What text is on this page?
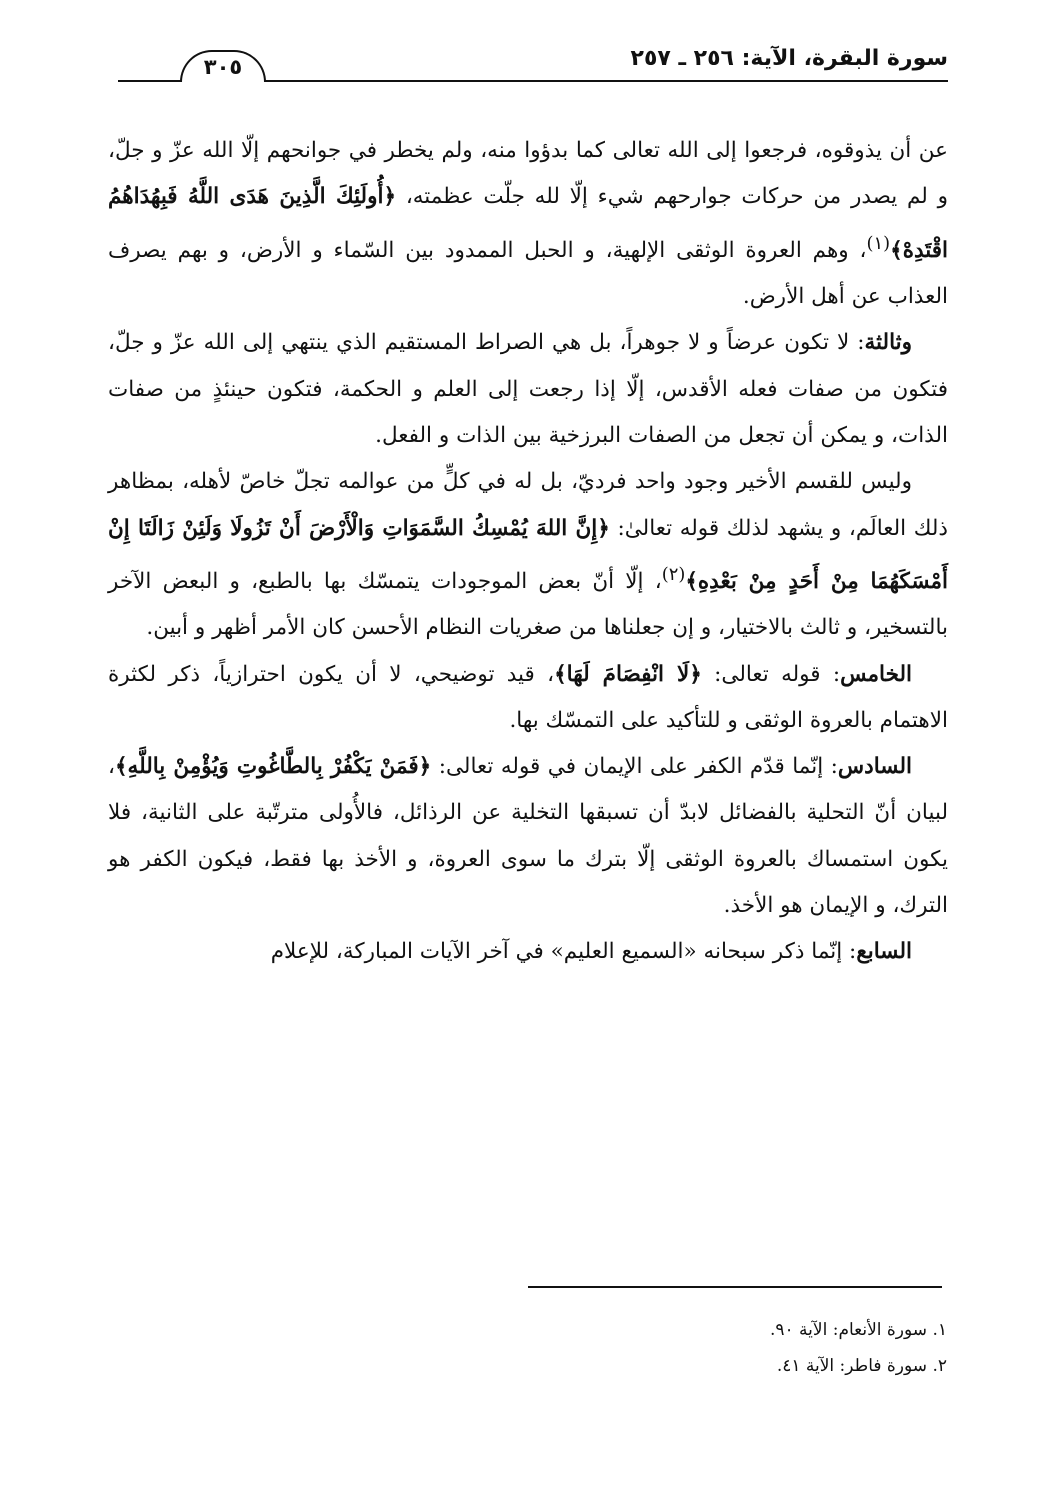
سورة البقرة، الآية: ٢٥٦ ـ ٢٥٧
٣٠٥

عن أن يذوقوه، فرجعوا إلى الله تعالى كما بدؤوا منه، ولم يخطر في جوانحهم إلّا الله عزّ و جلّ، و لم يصدر من حركات جوارحهم شيء إلّا لله جلّت عظمته، ﴿أُولَئِكَ الَّذِينَ هَدَى اللَّهُ فَبِهُدَاهُمُ اقْتَدِهْ﴾$^{(١)}$، وهم العروة الوثقى الإلهية، و الحبل الممدود بين السّماء و الأرض، و بهم يصرف العذاب عن أهل الأرض.

وثالثة: لا تكون عرضاً و لا جوهراً، بل هي الصراط المستقيم الذي ينتهي إلى الله عزّ و جلّ، فتكون من صفات فعله الأقدس، إلّا إذا رجعت إلى العلم و الحكمة، فتكون حينئذٍ من صفات الذات، و يمكن أن تجعل من الصفات البرزخية بين الذات و الفعل.

وليس للقسم الأخير وجود واحد فرديّ، بل له في كلٍّ من عوالمه تجلّ خاصّ لأهله، بمظاهر ذلك العالَم، و يشهد لذلك قوله تعالىٰ: ﴿إِنَّ اللهَ يُمْسِكُ السَّمَوَاتِ وَالْأَرْضَ أَنْ تَزُولَا وَلَئِنْ زَالَتَا إِنْ أَمْسَكَهُمَا مِنْ أَحَدٍ مِنْ بَعْدِهِ﴾$^{(٢)}$، إلّا أنّ بعض الموجودات يتمسّك بها بالطبع، و البعض الآخر بالتسخير، و ثالث بالاختيار، و إن جعلناها من صغريات النظام الأحسن كان الأمر أظهر و أبين.

الخامس: قوله تعالى: ﴿لَا انْفِصَامَ لَهَا﴾، قيد توضيحي، لا أن يكون احترازياً، ذكر لكثرة الاهتمام بالعروة الوثقى و للتأكيد على التمسّك بها.

السادس: إنّما قدّم الكفر على الإيمان في قوله تعالى: ﴿فَمَنْ يَكْفُرْ بِالطَّاغُوتِ وَيُؤْمِنْ بِاللَّهِ﴾، لبيان أنّ التحلية بالفضائل لابدّ أن تسبقها التخلية عن الرذائل، فالأُولى مترتّبة على الثانية، فلا يكون استمساك بالعروة الوثقى إلّا بترك ما سوى العروة، و الأخذ بها فقط، فيكون الكفر هو الترك، و الإيمان هو الأخذ.

السابع: إنّما ذكر سبحانه «السميع العليم» في آخر الآيات المباركة، للإعلام

١. سورة الأنعام: الآية ٩٠.

٢. سورة فاطر: الآية ٤١.
